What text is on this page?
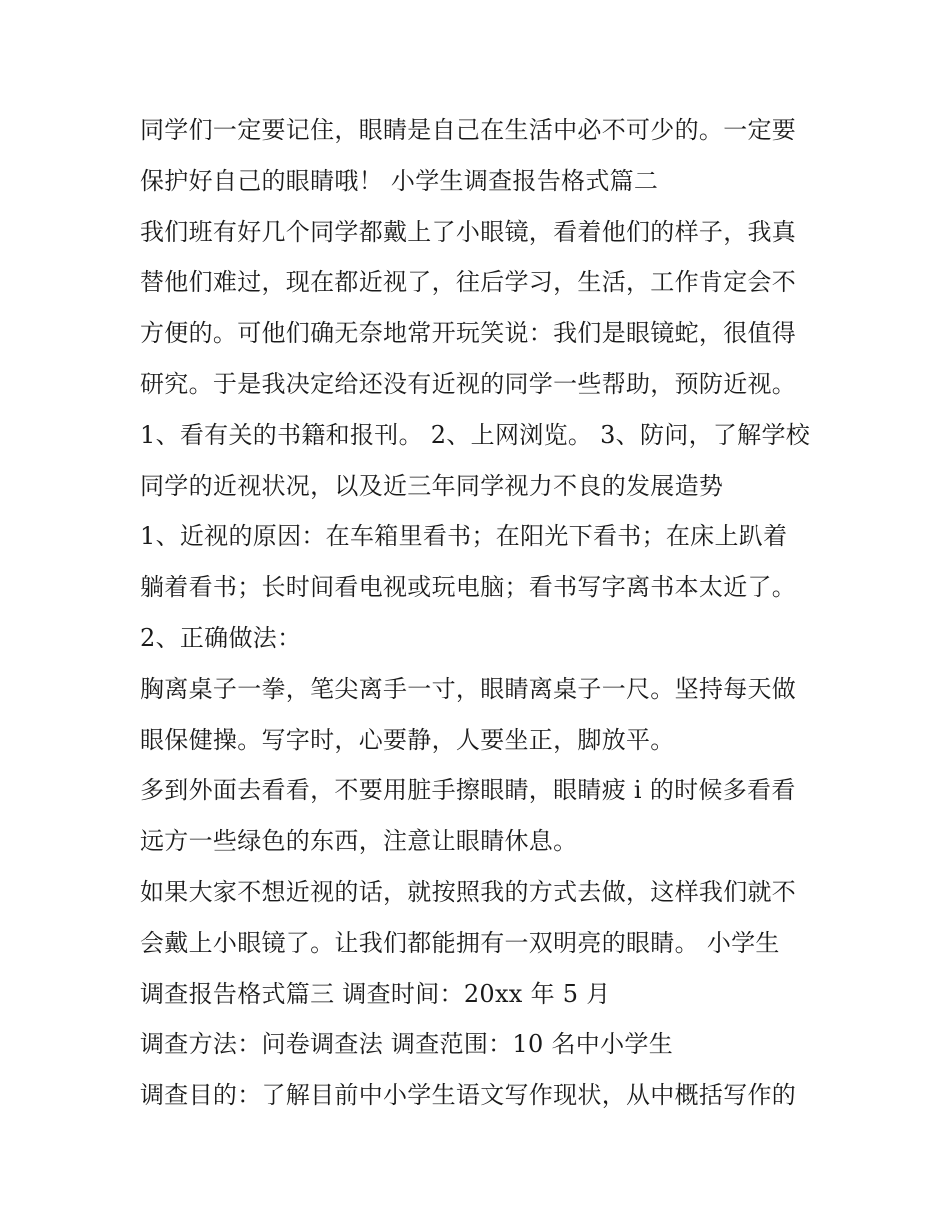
同学们一定要记住，眼睛是自己在生活中必不可少的。一定要
保护好自己的眼睛哦！ 小学生调查报告格式篇二
我们班有好几个同学都戴上了小眼镜，看着他们的样子，我真
替他们难过，现在都近视了，往后学习，生活，工作肯定会不
方便的。可他们确无奈地常开玩笑说：我们是眼镜蛇，很值得
研究。于是我决定给还没有近视的同学一些帮助，预防近视。
1、看有关的书籍和报刊。 2、上网浏览。 3、防问，了解学校
同学的近视状况，以及近三年同学视力不良的发展造势
1、近视的原因：在车箱里看书；在阳光下看书；在床上趴着
躺着看书；长时间看电视或玩电脑；看书写字离书本太近了。
2、正确做法：
胸离桌子一拳，笔尖离手一寸，眼睛离桌子一尺。坚持每天做
眼保健操。写字时，心要静，人要坐正，脚放平。
多到外面去看看，不要用脏手擦眼睛，眼睛疲 i 的时候多看看
远方一些绿色的东西，注意让眼睛休息。
如果大家不想近视的话，就按照我的方式去做，这样我们就不
会戴上小眼镜了。让我们都能拥有一双明亮的眼睛。 小学生
调查报告格式篇三 调查时间：20xx 年 5 月
调查方法：问卷调查法 调查范围：10 名中小学生
调查目的：了解目前中小学生语文写作现状，从中概括写作的
